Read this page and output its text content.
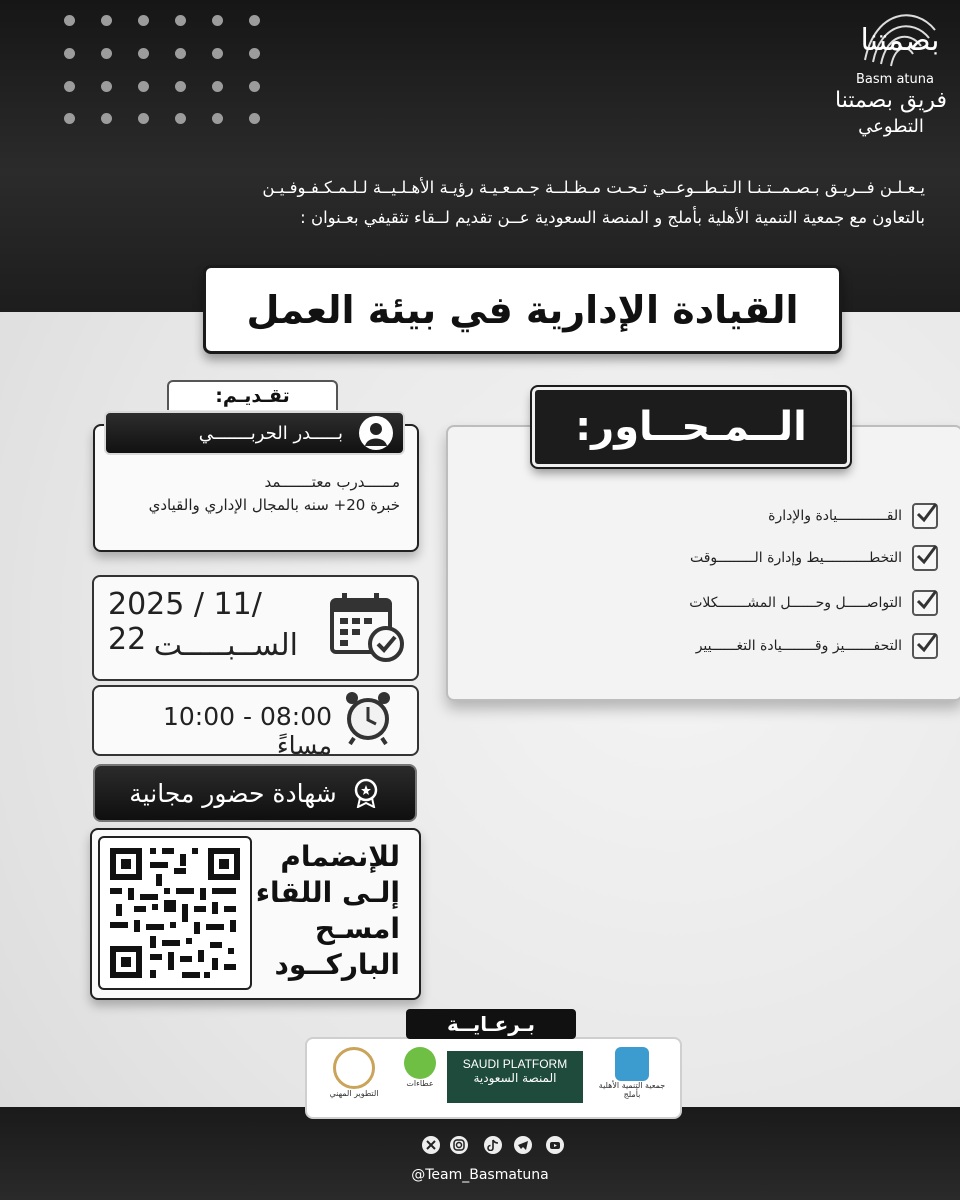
بصمتنا
Basm atuna
فريق بصمتنا
التطوعي
يـعـلـن فــريـق بـصـمــتـنـا الـتـطــوعــي تـحـت مـظـلــة جـمـعـيـة رؤيـة الأهـلـيــة لـلـمـكـفـوفـيـن
بالتعاون مع جمعية التنمية الأهلية بأملج و المنصة السعودية عــن تقديم لــقاء تثقيفي بعـنوان :
القيادة الإدارية في بيئة العمل
الــمـحــاور:
القــــــــــــيادة والإدارة
التخطـــــــــــيط وإدارة الـــــــــوقت
التواصـــــل وحــــــل المشـــــــكلات
التحفـــــــيز وقــــــــيادة التغــــــيير
تقـديـم:
بـــــدر الحربـــــــي
مــــــدرب معتـــــــمد
خبرة 20+ سنه بالمجال الإداري والقيادي
2025 / 11/ 22 الســبـــــت
08:00 - 10:00 مساءً
شهادة حضور مجانية
للإنضمام
إلـى اللقاء
امسـح
الباركــود
التطوير المهني
عطاءات
SAUDI PLATFORM
المنصة السعودية
جمعية التنمية الأهلية بأملج
بـرعـايــة
@Team_Basmatuna
